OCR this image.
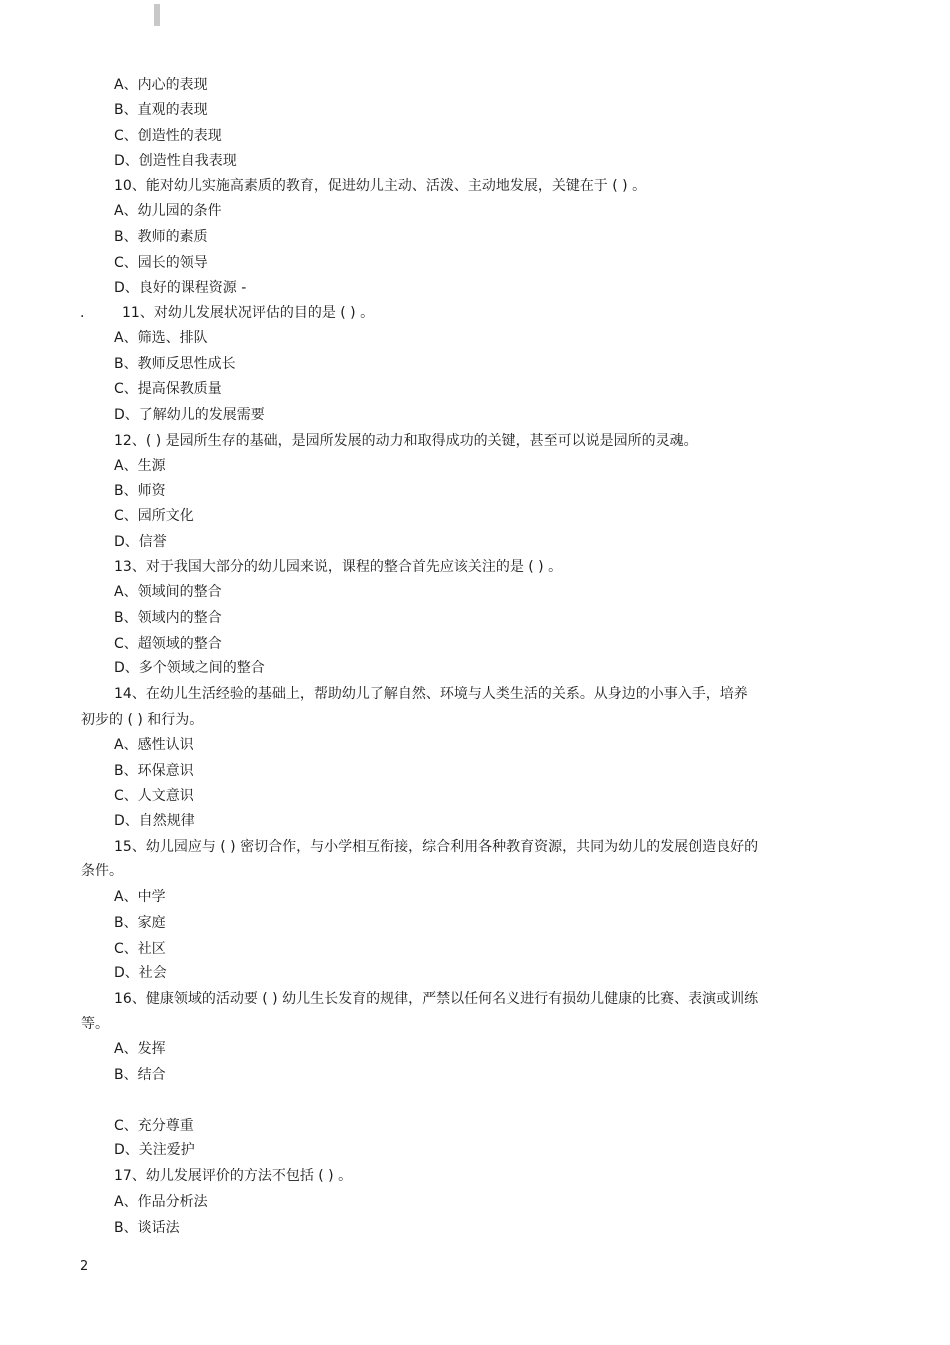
A、内心的表现
B、直观的表现
C、创造性的表现
D、创造性自我表现
10、能对幼儿实施高素质的教育，促进幼儿主动、活泼、主动地发展，关键在于 ( ) 。
A、幼儿园的条件
B、教师的素质
C、园长的领导
D、良好的课程资源 -
.	11、对幼儿发展状况评估的目的是 ( ) 。
A、筛选、排队
B、教师反思性成长
C、提高保教质量
D、了解幼儿的发展需要
12、( ) 是园所生存的基础，是园所发展的动力和取得成功的关键，甚至可以说是园所的灵魂。
A、生源
B、师资
C、园所文化
D、信誉
13、对于我国大部分的幼儿园来说，课程的整合首先应该关注的是 ( ) 。
A、领域间的整合
B、领域内的整合
C、超领域的整合
D、多个领域之间的整合
14、在幼儿生活经验的基础上，帮助幼儿了解自然、环境与人类生活的关系。从身边的小事入手，培养
初步的 ( ) 和行为。
A、感性认识
B、环保意识
C、人文意识
D、自然规律
15、幼儿园应与 ( ) 密切合作，与小学相互衔接，综合利用各种教育资源，共同为幼儿的发展创造良好的
条件。
A、中学
B、家庭
C、社区
D、社会
16、健康领域的活动要 ( ) 幼儿生长发育的规律，严禁以任何名义进行有损幼儿健康的比赛、表演或训练
等。
A、发挥
B、结合
C、充分尊重
D、关注爱护
17、幼儿发展评价的方法不包括 ( ) 。
A、作品分析法
B、谈话法
2
